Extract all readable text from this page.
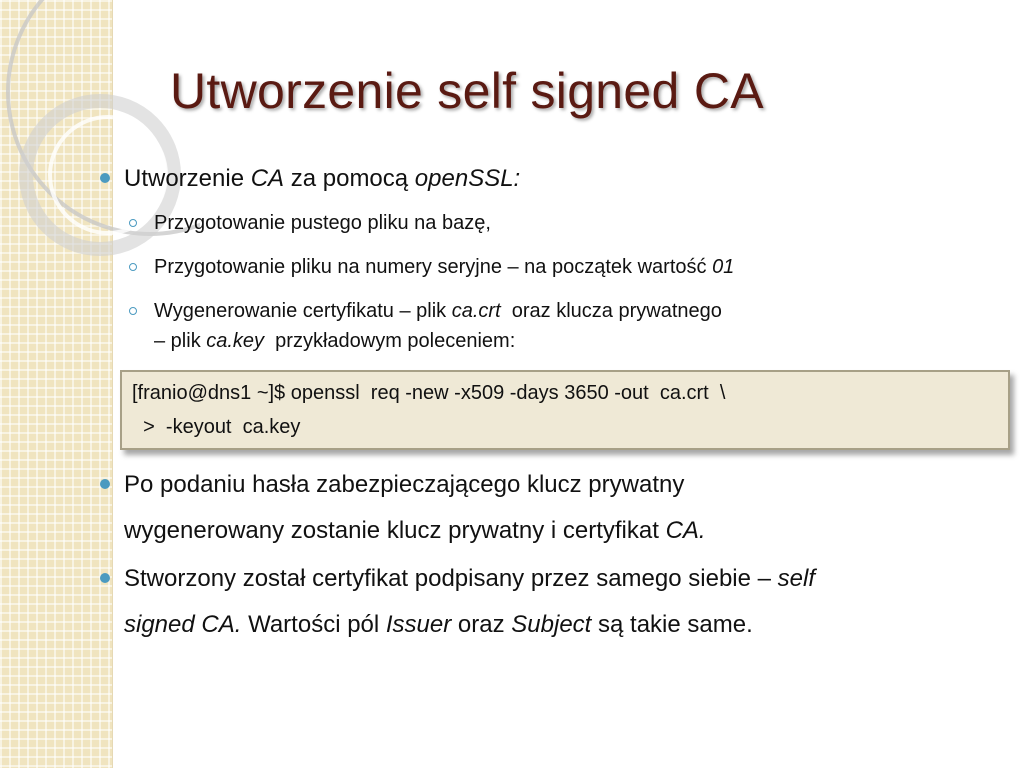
Utworzenie self signed CA
Utworzenie CA za pomocą openSSL:
Przygotowanie pustego pliku na bazę,
Przygotowanie pliku na numery seryjne – na początek wartość 01
Wygenerowanie certyfikatu – plik ca.crt  oraz klucza prywatnego
– plik ca.key  przykładowym poleceniem:
[franio@dns1 ~]$ openssl  req -new -x509 -days 3650 -out  ca.crt  \
>  -keyout  ca.key
Po podaniu hasła zabezpieczającego klucz prywatny
wygenerowany zostanie klucz prywatny i certyfikat CA.
Stworzony został certyfikat podpisany przez samego siebie – self
signed CA. Wartości pól Issuer oraz Subject są takie same.
